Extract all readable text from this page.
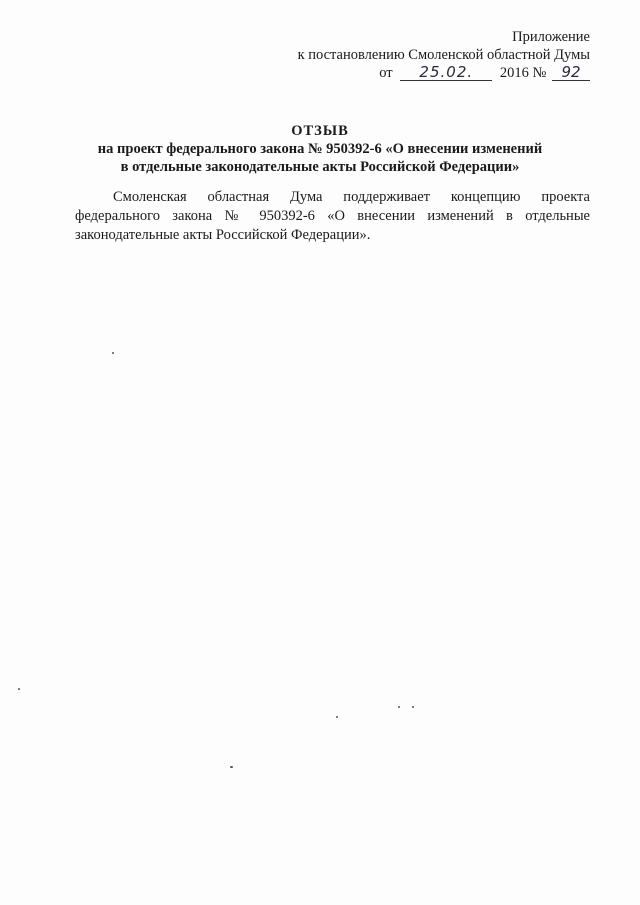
Приложение
к постановлению Смоленской областной Думы
от 25.02. 2016 № 92
ОТЗЫВ
на проект федерального закона № 950392-6 «О внесении изменений
в отдельные законодательные акты Российской Федерации»

Смоленская областная Дума поддерживает концепцию проекта федерального закона № 950392-6 «О внесении изменений в отдельные законодательные акты Российской Федерации».
